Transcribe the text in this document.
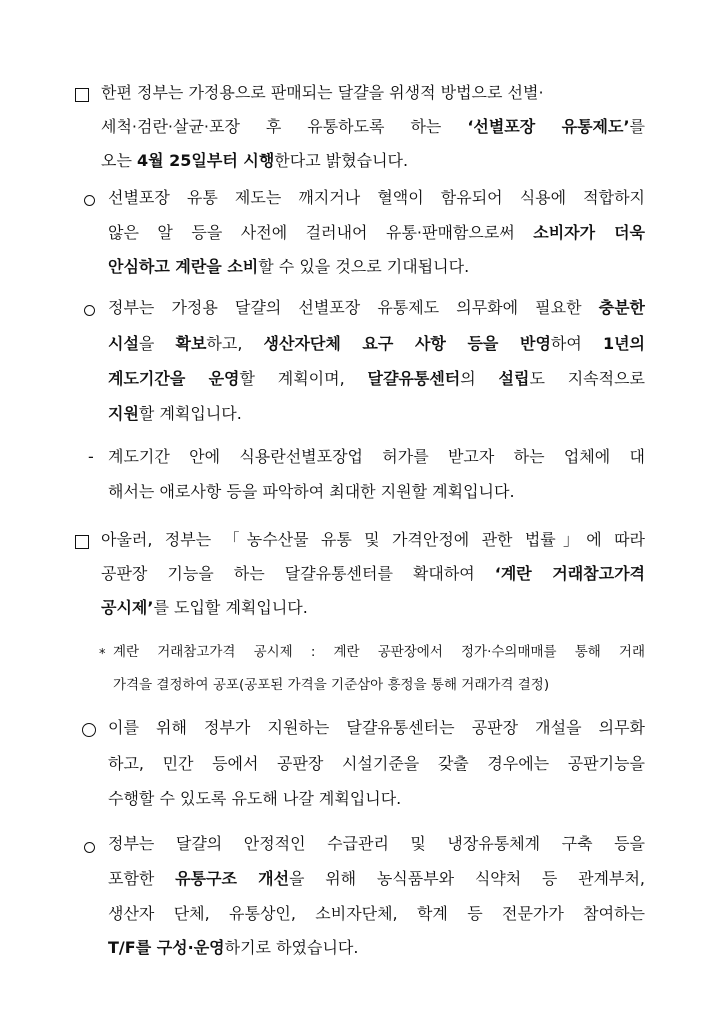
한편 정부는 가정용으로 판매되는 달걀을 위생적 방법으로 선별·
세척·검란·살균·포장 후 유통하도록 하는 ‘선별포장 유통제도’를
오는 4월 25일부터 시행한다고 밝혔습니다.
선별포장 유통 제도는 깨지거나 혈액이 함유되어 식용에 적합하지
않은 알 등을 사전에 걸러내어 유통·판매함으로써 소비자가 더욱
안심하고 계란을 소비할 수 있을 것으로 기대됩니다.
정부는 가정용 달걀의 선별포장 유통제도 의무화에 필요한 충분한
시설을 확보하고, 생산자단체 요구 사항 등을 반영하여 1년의
계도기간을 운영할 계획이며, 달걀유통센터의 설립도 지속적으로
지원할 계획입니다.
- 계도기간 안에 식용란선별포장업 허가를 받고자 하는 업체에 대
해서는 애로사항 등을 파악하여 최대한 지원할 계획입니다.
아울러, 정부는 「농수산물 유통 및 가격안정에 관한 법률」에 따라
공판장 기능을 하는 달걀유통센터를 확대하여 ‘계란 거래참고가격
공시제’를 도입할 계획입니다.
* 계란 거래참고가격 공시제 : 계란 공판장에서 정가·수의매매를 통해 거래
가격을 결정하여 공포(공포된 가격을 기준삼아 흥정을 통해 거래가격 결정)
이를 위해 정부가 지원하는 달걀유통센터는 공판장 개설을 의무화
하고, 민간 등에서 공판장 시설기준을 갖출 경우에는 공판기능을
수행할 수 있도록 유도해 나갈 계획입니다.
정부는 달걀의 안정적인 수급관리 및 냉장유통체계 구축 등을
포함한 유통구조 개선을 위해 농식품부와 식약처 등 관계부처,
생산자 단체, 유통상인, 소비자단체, 학계 등 전문가가 참여하는
T/F를 구성·운영하기로 하였습니다.
